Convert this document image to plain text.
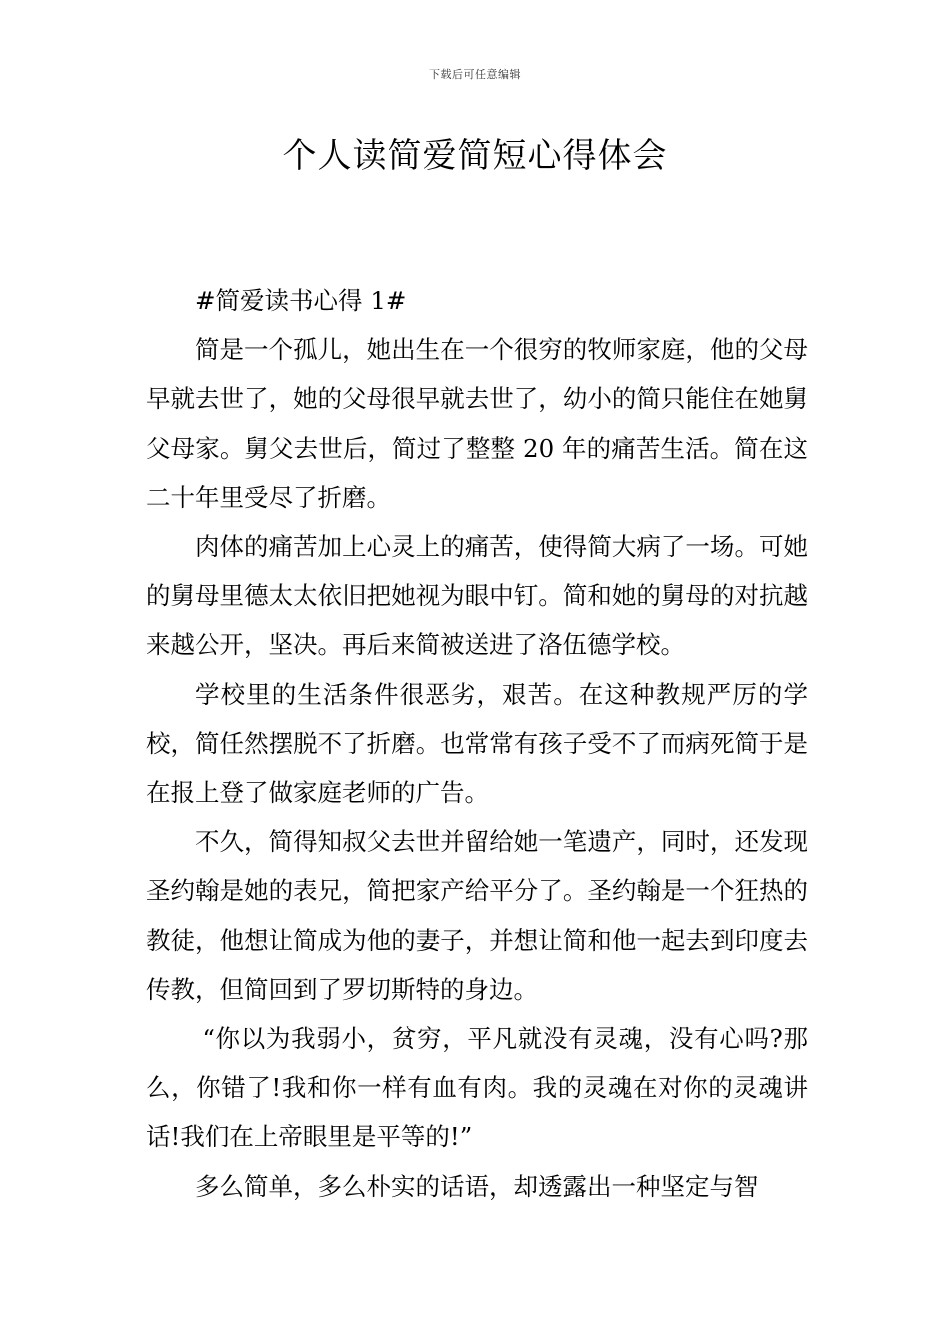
下载后可任意编辑
个人读简爱简短心得体会

#简爱读书心得 1#

简是一个孤儿，她出生在一个很穷的牧师家庭，他的父母早就去世了，她的父母很早就去世了，幼小的简只能住在她舅父母家。舅父去世后，简过了整整 20 年的痛苦生活。简在这二十年里受尽了折磨。

肉体的痛苦加上心灵上的痛苦，使得简大病了一场。可她的舅母里德太太依旧把她视为眼中钉。简和她的舅母的对抗越来越公开，坚决。再后来简被送进了洛伍德学校。

学校里的生活条件很恶劣，艰苦。在这种教规严厉的学校，简任然摆脱不了折磨。也常常有孩子受不了而病死简于是在报上登了做家庭老师的广告。

不久，简得知叔父去世并留给她一笔遗产，同时，还发现圣约翰是她的表兄，简把家产给平分了。圣约翰是一个狂热的教徒，他想让简成为他的妻子，并想让简和他一起去到印度去传教，但简回到了罗切斯特的身边。

“你以为我弱小，贫穷，平凡就没有灵魂，没有心吗?那么，你错了!我和你一样有血有肉。我的灵魂在对你的灵魂讲话!我们在上帝眼里是平等的!”

多么简单，多么朴实的话语，却透露出一种坚定与智
